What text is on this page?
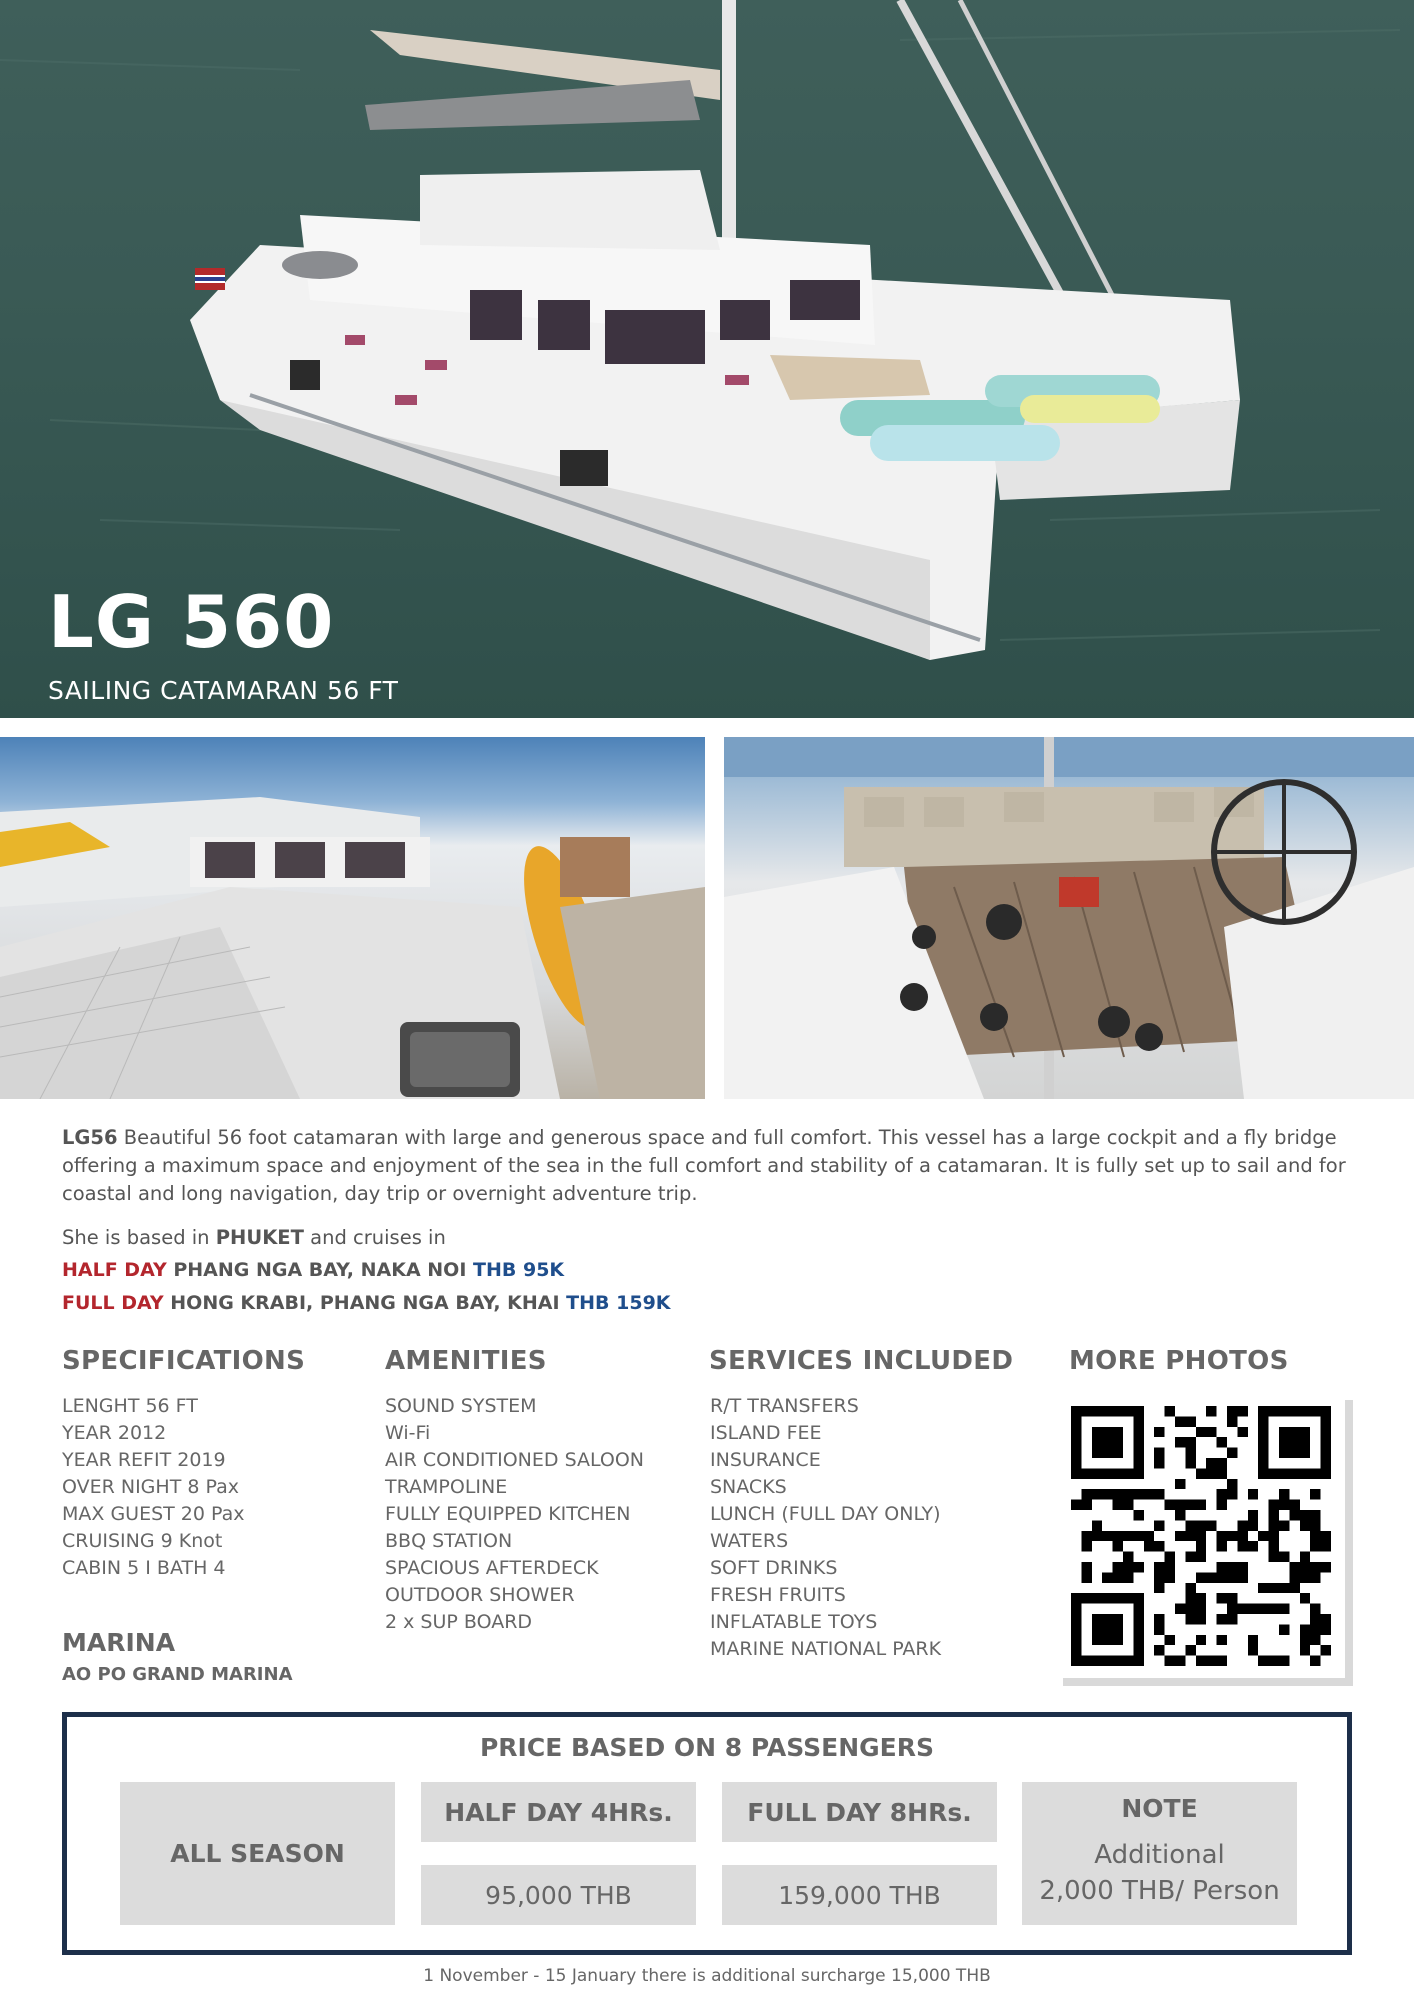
LG 560
SAILING CATAMARAN 56 FT

LG56 Beautiful 56 foot catamaran with large and generous space and full comfort. This vessel has a large cockpit and a fly bridge offering a maximum space and enjoyment of the sea in the full comfort and stability of a catamaran. It is fully set up to sail and for coastal and long navigation, day trip or overnight adventure trip.

She is based in PHUKET and cruises in

HALF DAY PHANG NGA BAY, NAKA NOI THB 95K

FULL DAY HONG KRABI, PHANG NGA BAY, KHAI THB 159K

SPECIFICATIONS
LENGHT 56 FT
YEAR 2012
YEAR REFIT 2019
OVER NIGHT 8 Pax
MAX GUEST 20 Pax
CRUISING 9 Knot
CABIN 5 I BATH 4
AMENITIES
SOUND SYSTEM
Wi-Fi
AIR CONDITIONED SALOON
TRAMPOLINE
FULLY EQUIPPED KITCHEN
BBQ STATION
SPACIOUS AFTERDECK
OUTDOOR SHOWER
2 x SUP BOARD
SERVICES INCLUDED
R/T TRANSFERS
ISLAND FEE
INSURANCE
SNACKS
LUNCH (FULL DAY ONLY)
WATERS
SOFT DRINKS
FRESH FRUITS
INFLATABLE TOYS
MARINE NATIONAL PARK
MORE PHOTOS
MARINA
AO PO GRAND MARINA
PRICE BASED ON 8 PASSENGERS
ALL SEASON
HALF DAY 4HRs.
95,000 THB
FULL DAY 8HRs.
159,000 THB
NOTE
Additional
2,000 THB/ Person
1 November - 15 January there is additional surcharge 15,000 THB
